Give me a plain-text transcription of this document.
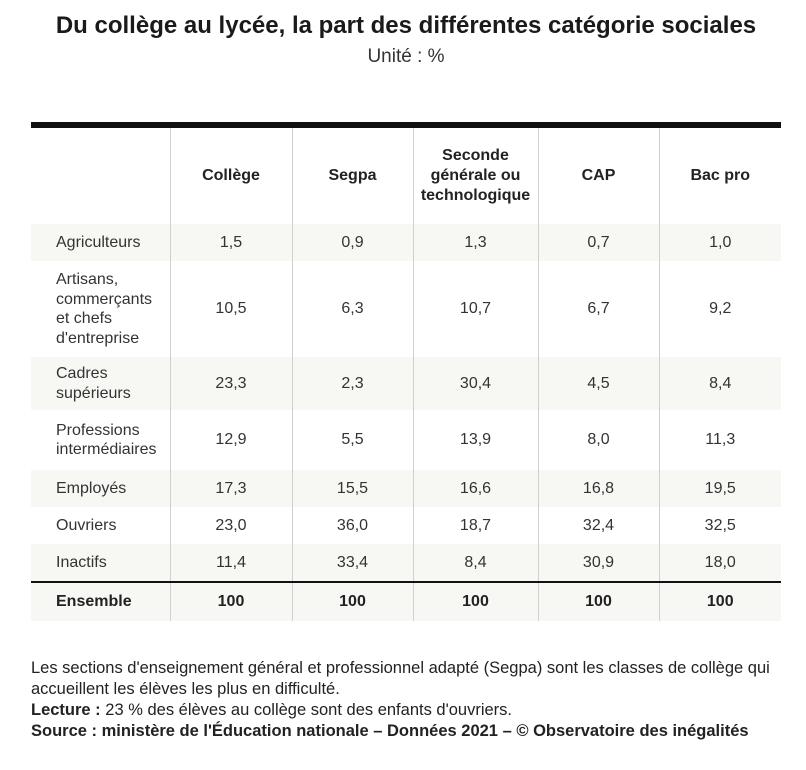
Du collège au lycée, la part des différentes catégorie sociales
Unité : %
	Collège	Segpa	Seconde générale ou technologique	CAP	Bac pro
Agriculteurs	1,5	0,9	1,3	0,7	1,0
Artisans, commerçants et chefs d'entreprise	10,5	6,3	10,7	6,7	9,2
Cadres supérieurs	23,3	2,3	30,4	4,5	8,4
Professions intermédiaires	12,9	5,5	13,9	8,0	11,3
Employés	17,3	15,5	16,6	16,8	19,5
Ouvriers	23,0	36,0	18,7	32,4	32,5
Inactifs	11,4	33,4	8,4	30,9	18,0
Ensemble	100	100	100	100	100

Les sections d'enseignement général et professionnel adapté (Segpa) sont les classes de collège qui accueillent les élèves les plus en difficulté.

Lecture : 23 % des élèves au collège sont des enfants d'ouvriers.

Source : ministère de l'Éducation nationale – Données 2021 – © Observatoire des inégalités
